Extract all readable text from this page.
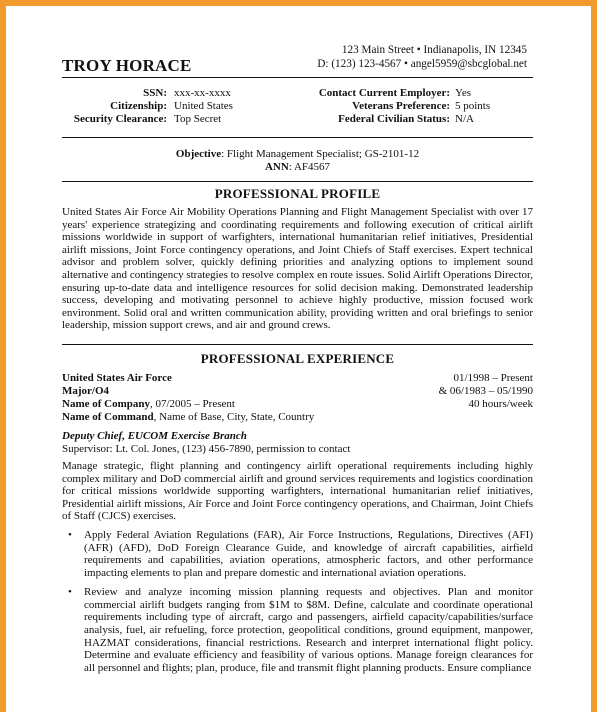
TROY HORACE
123 Main Street • Indianapolis, IN 12345
D: (123) 123-4567 • angel5959@sbcglobal.net
SSN: xxx-xx-xxxx	Contact Current Employer: Yes
Citizenship: United States	Veterans Preference: 5 points
Security Clearance: Top Secret	Federal Civilian Status: N/A
Objective: Flight Management Specialist; GS-2101-12
ANN: AF4567
PROFESSIONAL PROFILE
United States Air Force Air Mobility Operations Planning and Flight Management Specialist with over 17 years' experience strategizing and coordinating requirements and following execution of critical airlift missions worldwide in support of warfighters, international humanitarian relief initiatives, Presidential airlift missions, Joint Force contingency operations, and Joint Chiefs of Staff exercises. Expert technical advisor and problem solver, quickly defining priorities and analyzing options to implement sound alternative and contingency strategies to resolve complex en route issues. Solid Airlift Operations Director, ensuring up-to-date data and intelligence resources for solid decision making. Demonstrated leadership success, developing and motivating personnel to achieve highly productive, mission focused work environment. Solid oral and written communication ability, providing written and oral briefings to senior leadership, mission support crews, and air and ground crews.
PROFESSIONAL EXPERIENCE
United States Air Force	01/1998 – Present
Major/O4	& 06/1983 – 05/1990
Name of Company, 07/2005 – Present	40 hours/week
Name of Command, Name of Base, City, State, Country
Deputy Chief, EUCOM Exercise Branch
Supervisor: Lt. Col. Jones, (123) 456-7890, permission to contact
Manage strategic, flight planning and contingency airlift operational requirements including highly complex military and DoD commercial airlift and ground services requirements and logistics coordination for critical missions worldwide supporting warfighters, international humanitarian relief initiatives, Presidential airlift missions, Air Force and Joint Force contingency operations, and Chairman, Joint Chiefs of Staff (CJCS) exercises.
• Apply Federal Aviation Regulations (FAR), Air Force Instructions, Regulations, Directives (AFI) (AFR) (AFD), DoD Foreign Clearance Guide, and knowledge of aircraft capabilities, airfield requirements and capabilities, aviation operations, atmospheric factors, and other performance impacting elements to plan and prepare domestic and international aviation operations.
• Review and analyze incoming mission planning requests and objectives. Plan and monitor commercial airlift budgets ranging from $1M to $8M. Define, calculate and coordinate operational requirements including type of aircraft, cargo and passengers, airfield capacity/capabilities/surface analysis, fuel, air refueling, force protection, geopolitical conditions, ground equipment, manpower, HAZMAT considerations, financial restrictions. Research and interpret international flight policy. Determine and evaluate efficiency and feasibility of various options. Manage foreign clearances for all personnel and flights; plan, produce, file and transmit flight planning products. Ensure compliance
